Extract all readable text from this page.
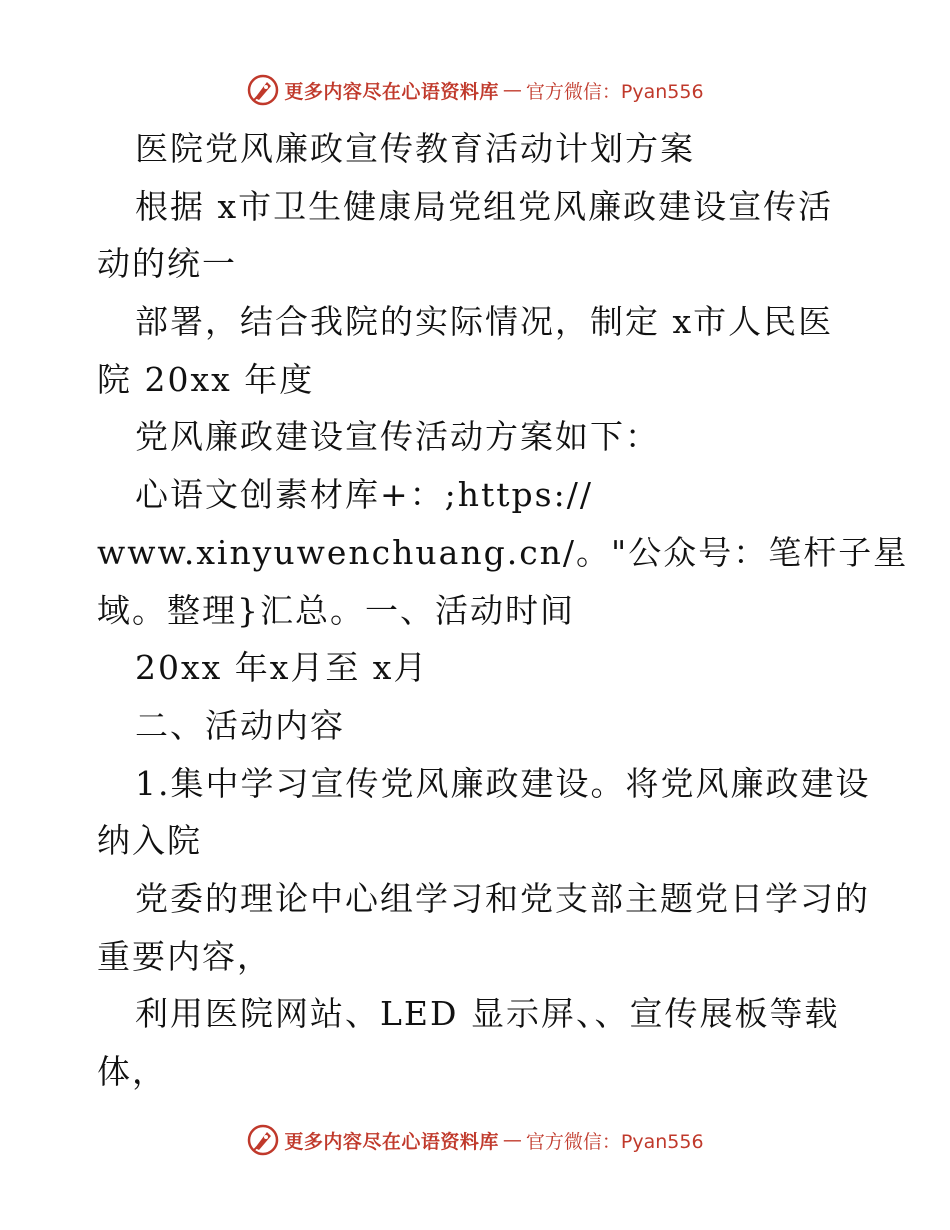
更多内容尽在心语资料库 — 官方微信：Pyan556
医院党风廉政宣传教育活动计划方案
根据 x市卫生健康局党组党风廉政建设宣传活
动的统一
部署，结合我院的实际情况，制定 x市人民医
院 20xx 年度
党风廉政建设宣传活动方案如下：
心语文创素材库+：;https://
www.xinyuwenchuang.cn/。"公众号：笔杆子星
域。整理}汇总。一、活动时间
20xx 年x月至 x月
二、活动内容
1.集中学习宣传党风廉政建设。将党风廉政建设
纳入院
党委的理论中心组学习和党支部主题党日学习的
重要内容，
利用医院网站、LED 显示屏、、宣传展板等载
体，
更多内容尽在心语资料库 — 官方微信：Pyan556
